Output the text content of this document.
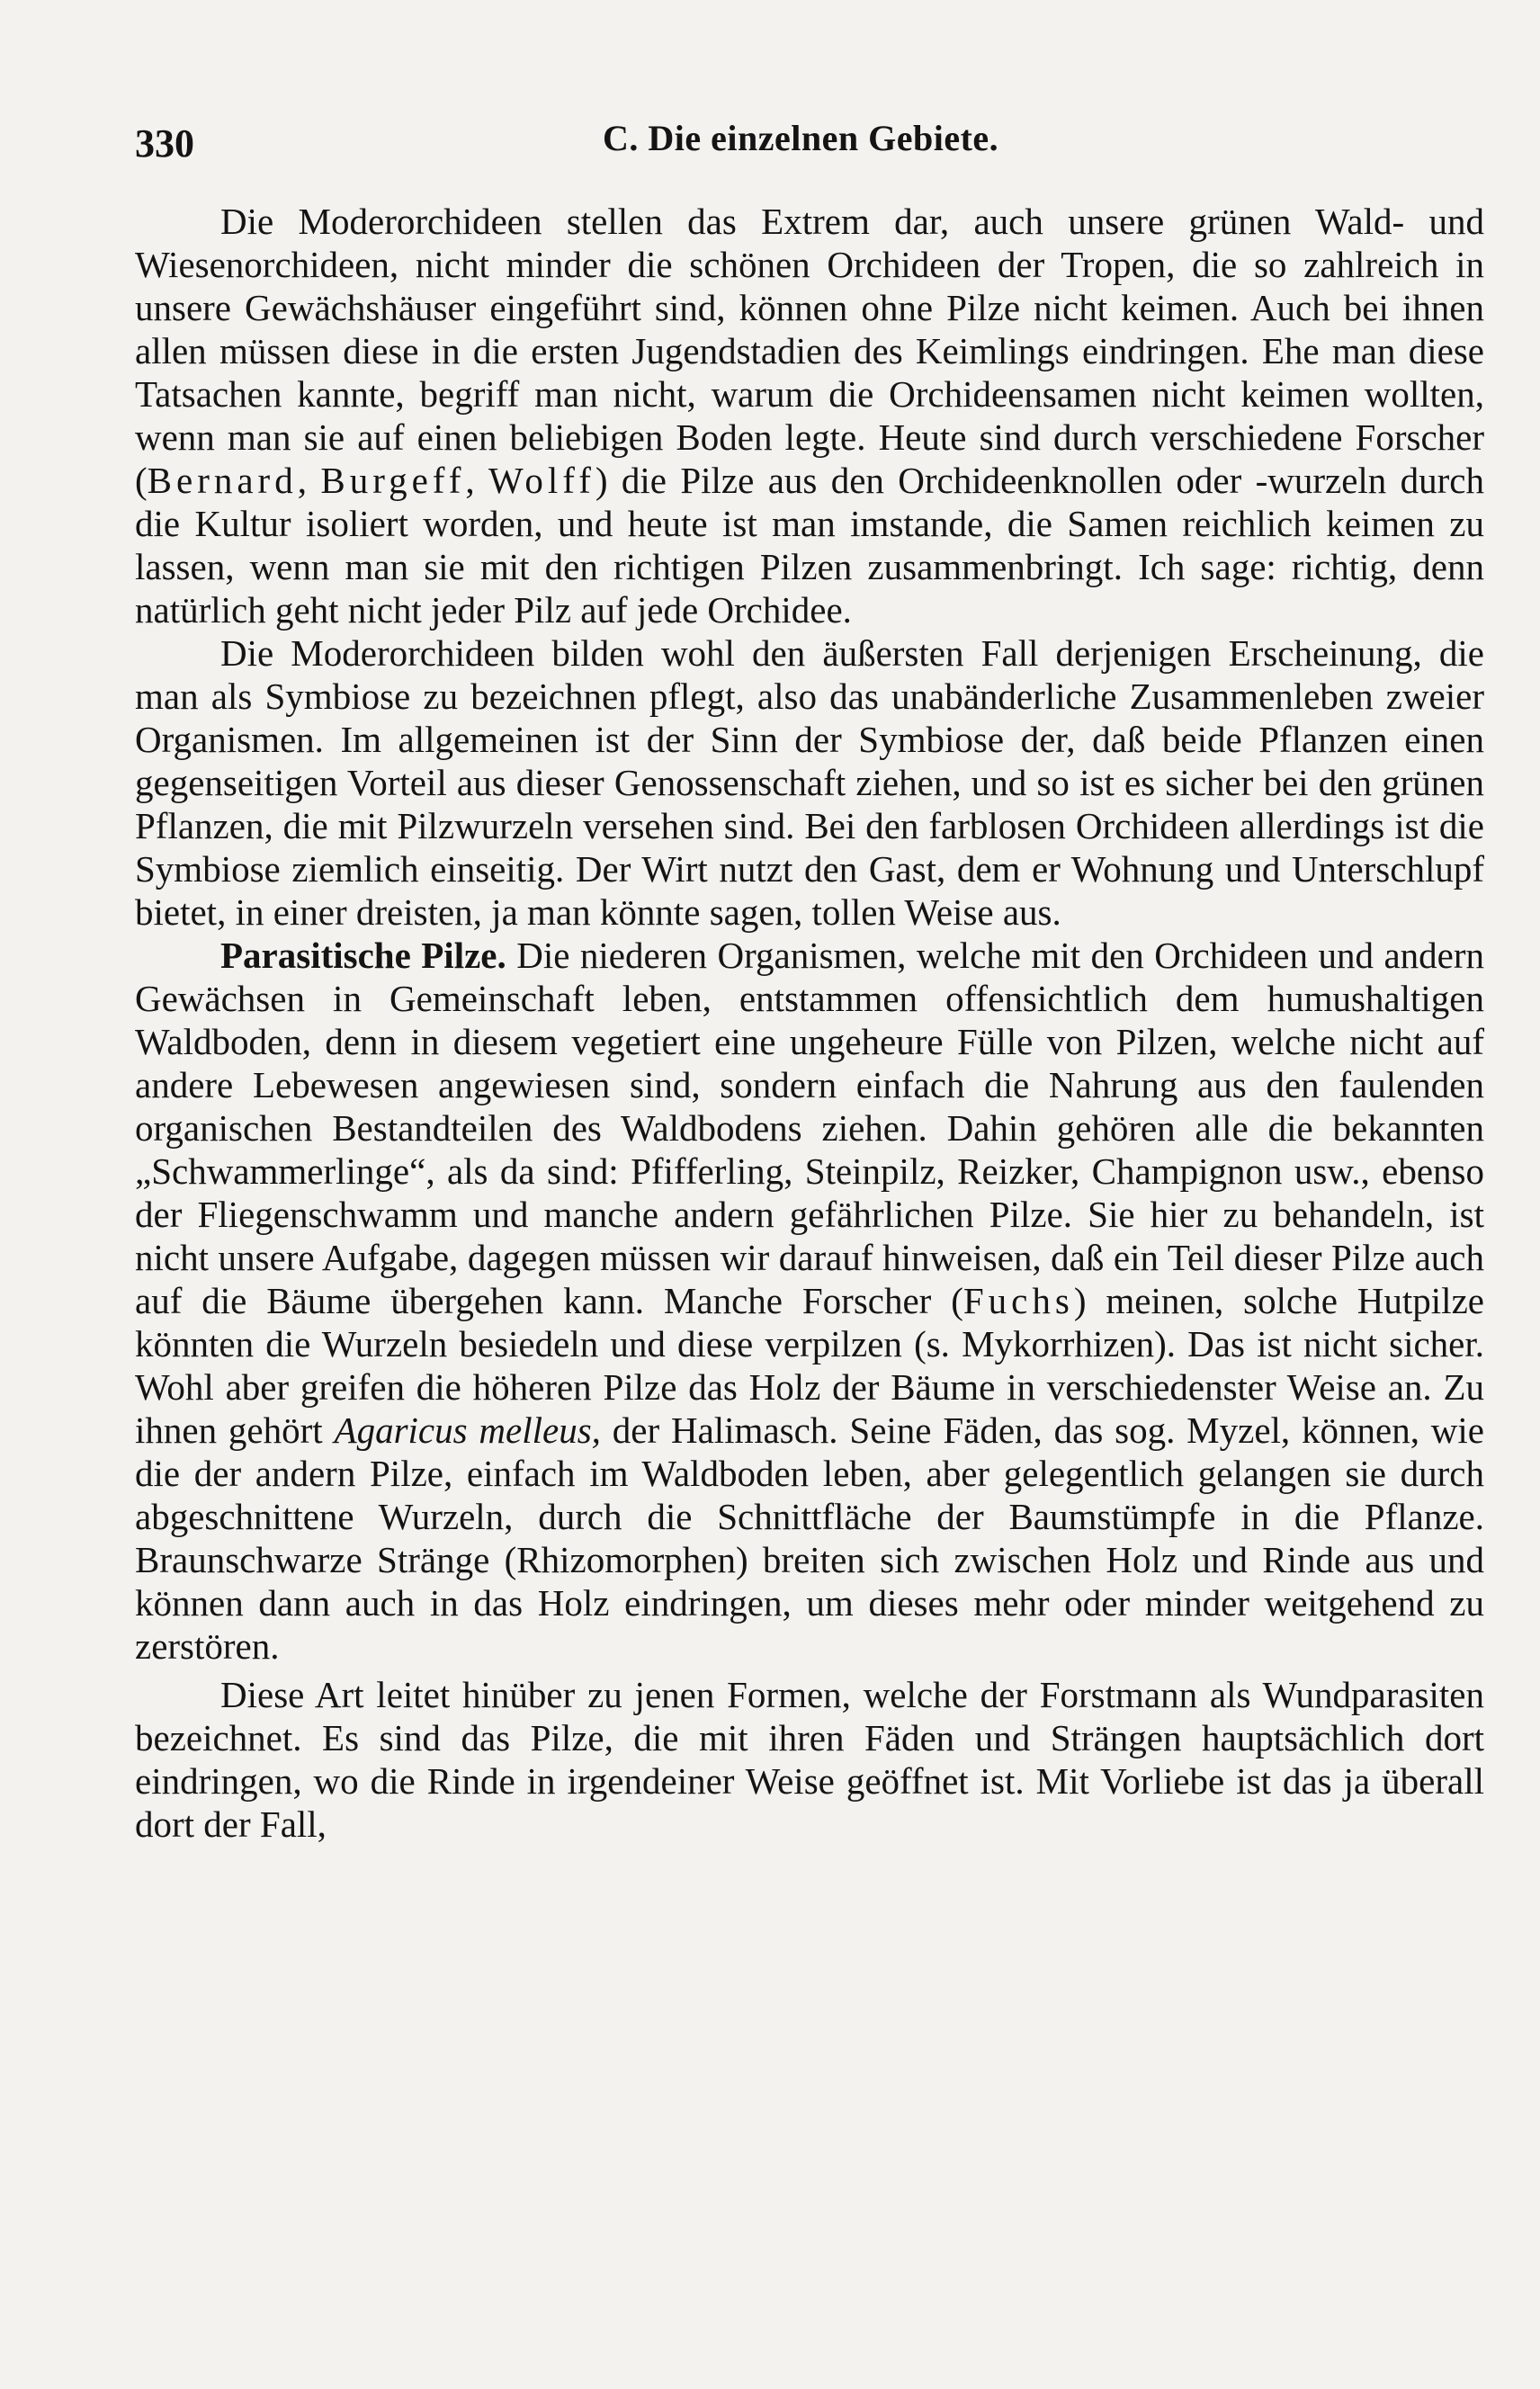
330	C. Die einzelnen Gebiete.

Die Moderorchideen stellen das Extrem dar, auch unsere grünen Wald- und Wiesenorchideen, nicht minder die schönen Orchideen der Tropen, die so zahlreich in unsere Gewächshäuser eingeführt sind, können ohne Pilze nicht keimen. Auch bei ihnen allen müssen diese in die ersten Jugendstadien des Keimlings eindringen. Ehe man diese Tatsachen kannte, begriff man nicht, warum die Orchideensamen nicht keimen wollten, wenn man sie auf einen beliebigen Boden legte. Heute sind durch verschiedene Forscher (Bernard, Burgeff, Wolff) die Pilze aus den Orchideenknollen oder -wurzeln durch die Kultur isoliert worden, und heute ist man imstande, die Samen reichlich keimen zu lassen, wenn man sie mit den richtigen Pilzen zusammenbringt. Ich sage: richtig, denn natürlich geht nicht jeder Pilz auf jede Orchidee.

Die Moderorchideen bilden wohl den äußersten Fall derjenigen Erscheinung, die man als Symbiose zu bezeichnen pflegt, also das unabänderliche Zusammenleben zweier Organismen. Im allgemeinen ist der Sinn der Symbiose der, daß beide Pflanzen einen gegenseitigen Vorteil aus dieser Genossenschaft ziehen, und so ist es sicher bei den grünen Pflanzen, die mit Pilzwurzeln versehen sind. Bei den farblosen Orchideen allerdings ist die Symbiose ziemlich einseitig. Der Wirt nutzt den Gast, dem er Wohnung und Unterschlupf bietet, in einer dreisten, ja man könnte sagen, tollen Weise aus.

Parasitische Pilze. Die niederen Organismen, welche mit den Orchideen und andern Gewächsen in Gemeinschaft leben, entstammen offensichtlich dem humushaltigen Waldboden, denn in diesem vegetiert eine ungeheure Fülle von Pilzen, welche nicht auf andere Lebewesen angewiesen sind, sondern einfach die Nahrung aus den faulenden organischen Bestandteilen des Waldbodens ziehen. Dahin gehören alle die bekannten „Schwammerlinge“, als da sind: Pfifferling, Steinpilz, Reizker, Champignon usw., ebenso der Fliegenschwamm und manche andern gefährlichen Pilze. Sie hier zu behandeln, ist nicht unsere Aufgabe, dagegen müssen wir darauf hinweisen, daß ein Teil dieser Pilze auch auf die Bäume übergehen kann. Manche Forscher (Fuchs) meinen, solche Hutpilze könnten die Wurzeln besiedeln und diese verpilzen (s. Mykorrhizen). Das ist nicht sicher. Wohl aber greifen die höheren Pilze das Holz der Bäume in verschiedenster Weise an. Zu ihnen gehört Agaricus melleus, der Halimasch. Seine Fäden, das sog. Myzel, können, wie die der andern Pilze, einfach im Waldboden leben, aber gelegentlich gelangen sie durch abgeschnittene Wurzeln, durch die Schnittfläche der Baumstümpfe in die Pflanze. Braunschwarze Stränge (Rhizomorphen) breiten sich zwischen Holz und Rinde aus und können dann auch in das Holz eindringen, um dieses mehr oder minder weitgehend zu zerstören.

Diese Art leitet hinüber zu jenen Formen, welche der Forstmann als Wundparasiten bezeichnet. Es sind das Pilze, die mit ihren Fäden und Strängen hauptsächlich dort eindringen, wo die Rinde in irgendeiner Weise geöffnet ist. Mit Vorliebe ist das ja überall dort der Fall,
